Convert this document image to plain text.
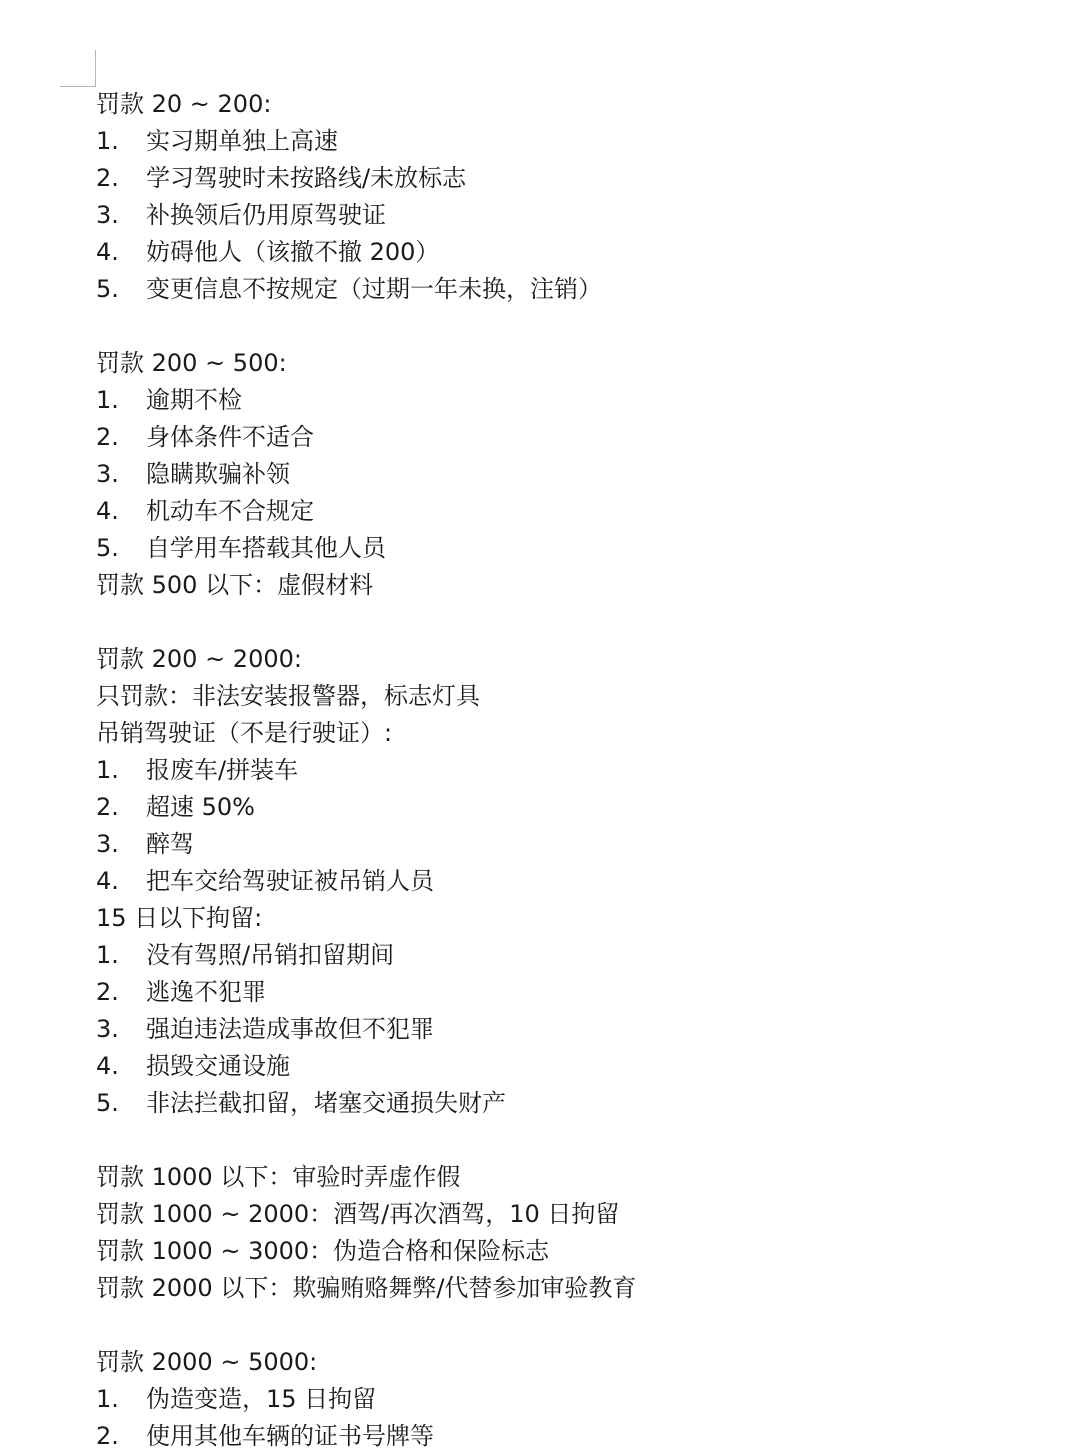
罚款 20 ~ 200:
1. 实习期单独上高速
2. 学习驾驶时未按路线/未放标志
3. 补换领后仍用原驾驶证
4. 妨碍他人（该撤不撤 200）
5. 变更信息不按规定（过期一年未换，注销）
罚款 200 ~ 500:
1. 逾期不检
2. 身体条件不适合
3. 隐瞒欺骗补领
4. 机动车不合规定
5. 自学用车搭载其他人员
罚款 500 以下：虚假材料
罚款 200 ~ 2000:
只罚款：非法安装报警器，标志灯具
吊销驾驶证（不是行驶证）:
1. 报废车/拼装车
2. 超速 50%
3. 醉驾
4. 把车交给驾驶证被吊销人员
15 日以下拘留:
1. 没有驾照/吊销扣留期间
2. 逃逸不犯罪
3. 强迫违法造成事故但不犯罪
4. 损毁交通设施
5. 非法拦截扣留，堵塞交通损失财产
罚款 1000 以下：审验时弄虚作假
罚款 1000 ~ 2000：酒驾/再次酒驾，10 日拘留
罚款 1000 ~ 3000：伪造合格和保险标志
罚款 2000 以下：欺骗贿赂舞弊/代替参加审验教育
罚款 2000 ~ 5000:
1. 伪造变造，15 日拘留
2. 使用其他车辆的证书号牌等
